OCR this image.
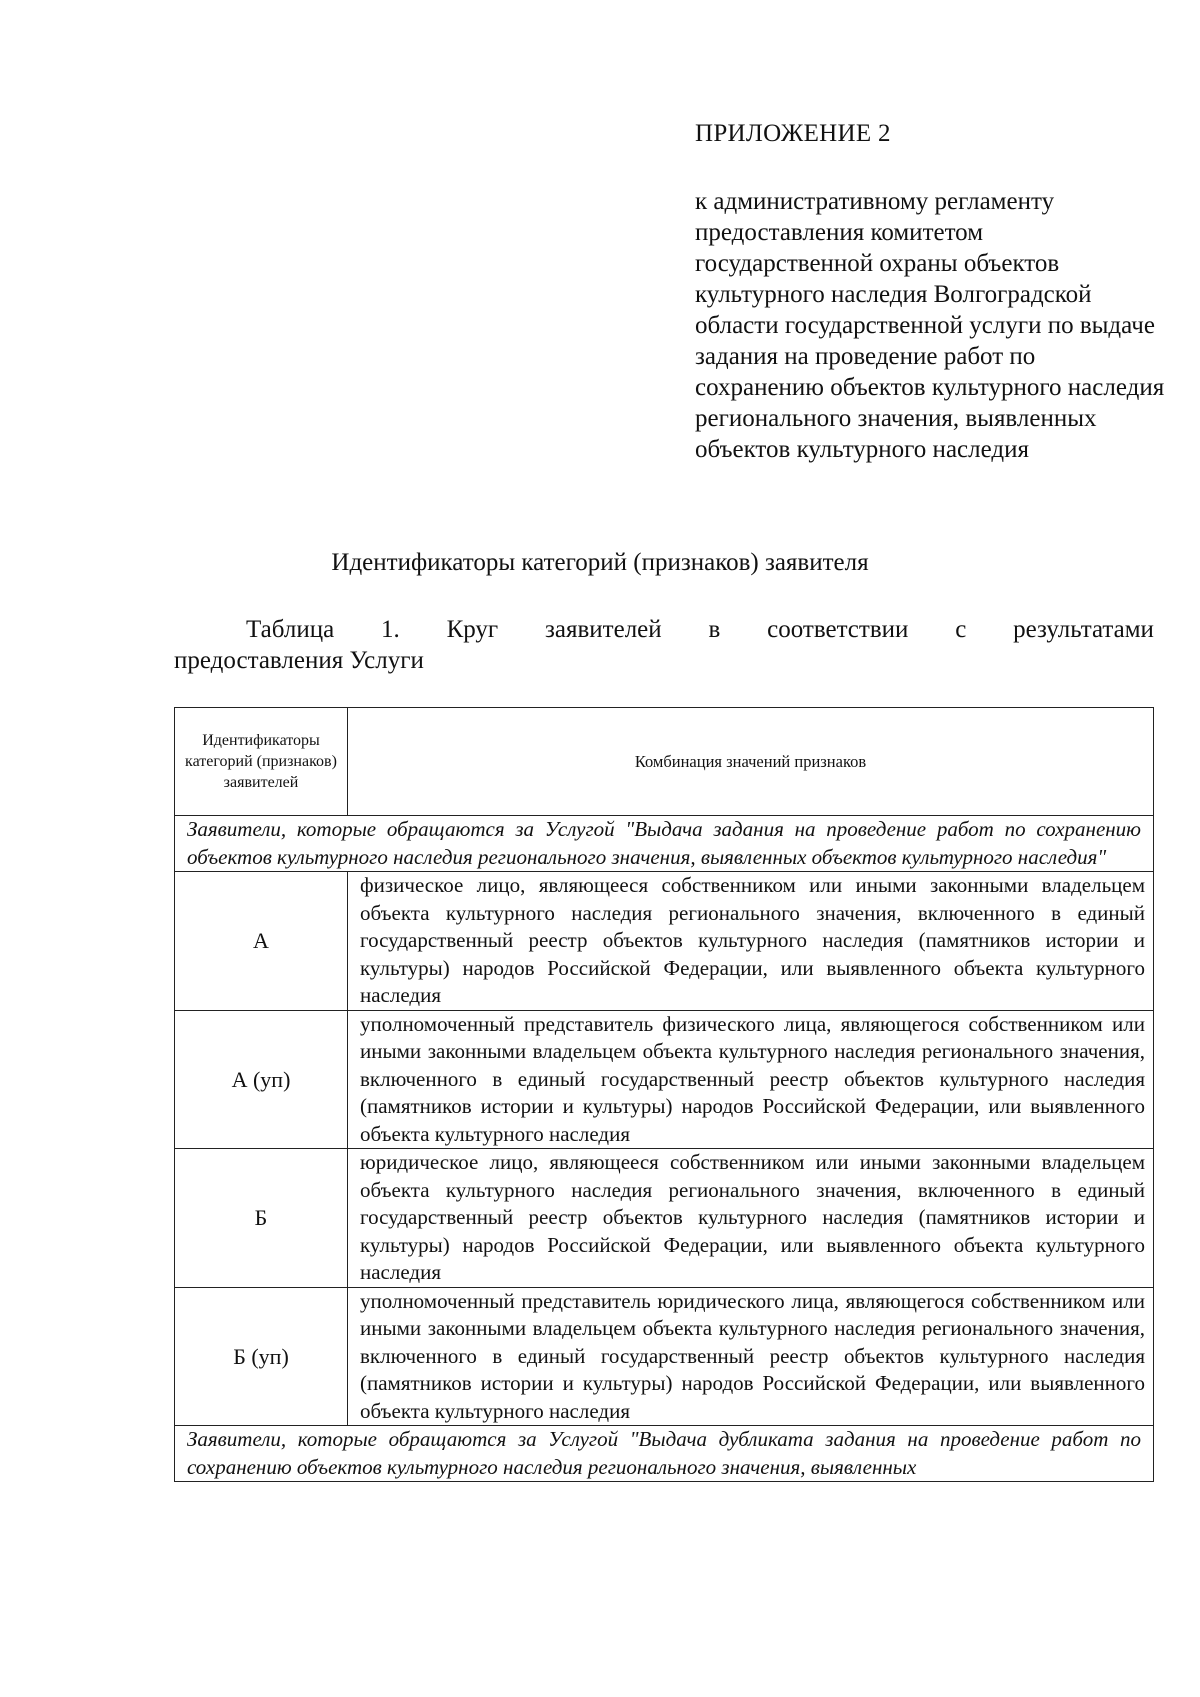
ПРИЛОЖЕНИЕ 2
к административному регламенту предоставления комитетом государственной охраны объектов культурного наследия Волгоградской области государственной услуги по выдаче задания на проведение работ по сохранению объектов культурного наследия регионального значения, выявленных объектов культурного наследия
Идентификаторы категорий (признаков) заявителя
Таблица 1. Круг заявителей в соответствии с результатами
предоставления Услуги
Идентификаторы категорий (признаков) заявителей	Комбинация значений признаков
Заявители, которые обращаются за Услугой "Выдача задания на проведение работ по сохранению объектов культурного наследия регионального значения, выявленных объектов культурного наследия"	
А	физическое лицо, являющееся собственником или иными законными владельцем объекта культурного наследия регионального значения, включенного в единый государственный реестр объектов культурного наследия (памятников истории и культуры) народов Российской Федерации, или выявленного объекта культурного наследия
А (уп)	уполномоченный представитель физического лица, являющегося собственником или иными законными владельцем объекта культурного наследия регионального значения, включенного в единый государственный реестр объектов культурного наследия (памятников истории и культуры) народов Российской Федерации, или выявленного объекта культурного наследия
Б	юридическое лицо, являющееся собственником или иными законными владельцем объекта культурного наследия регионального значения, включенного в единый государственный реестр объектов культурного наследия (памятников истории и культуры) народов Российской Федерации, или выявленного объекта культурного наследия
Б (уп)	уполномоченный представитель юридического лица, являющегося собственником или иными законными владельцем объекта культурного наследия регионального значения, включенного в единый государственный реестр объектов культурного наследия (памятников истории и культуры) народов Российской Федерации, или выявленного объекта культурного наследия
Заявители, которые обращаются за Услугой "Выдача дубликата задания на проведение работ по сохранению объектов культурного наследия регионального значения, выявленных	
